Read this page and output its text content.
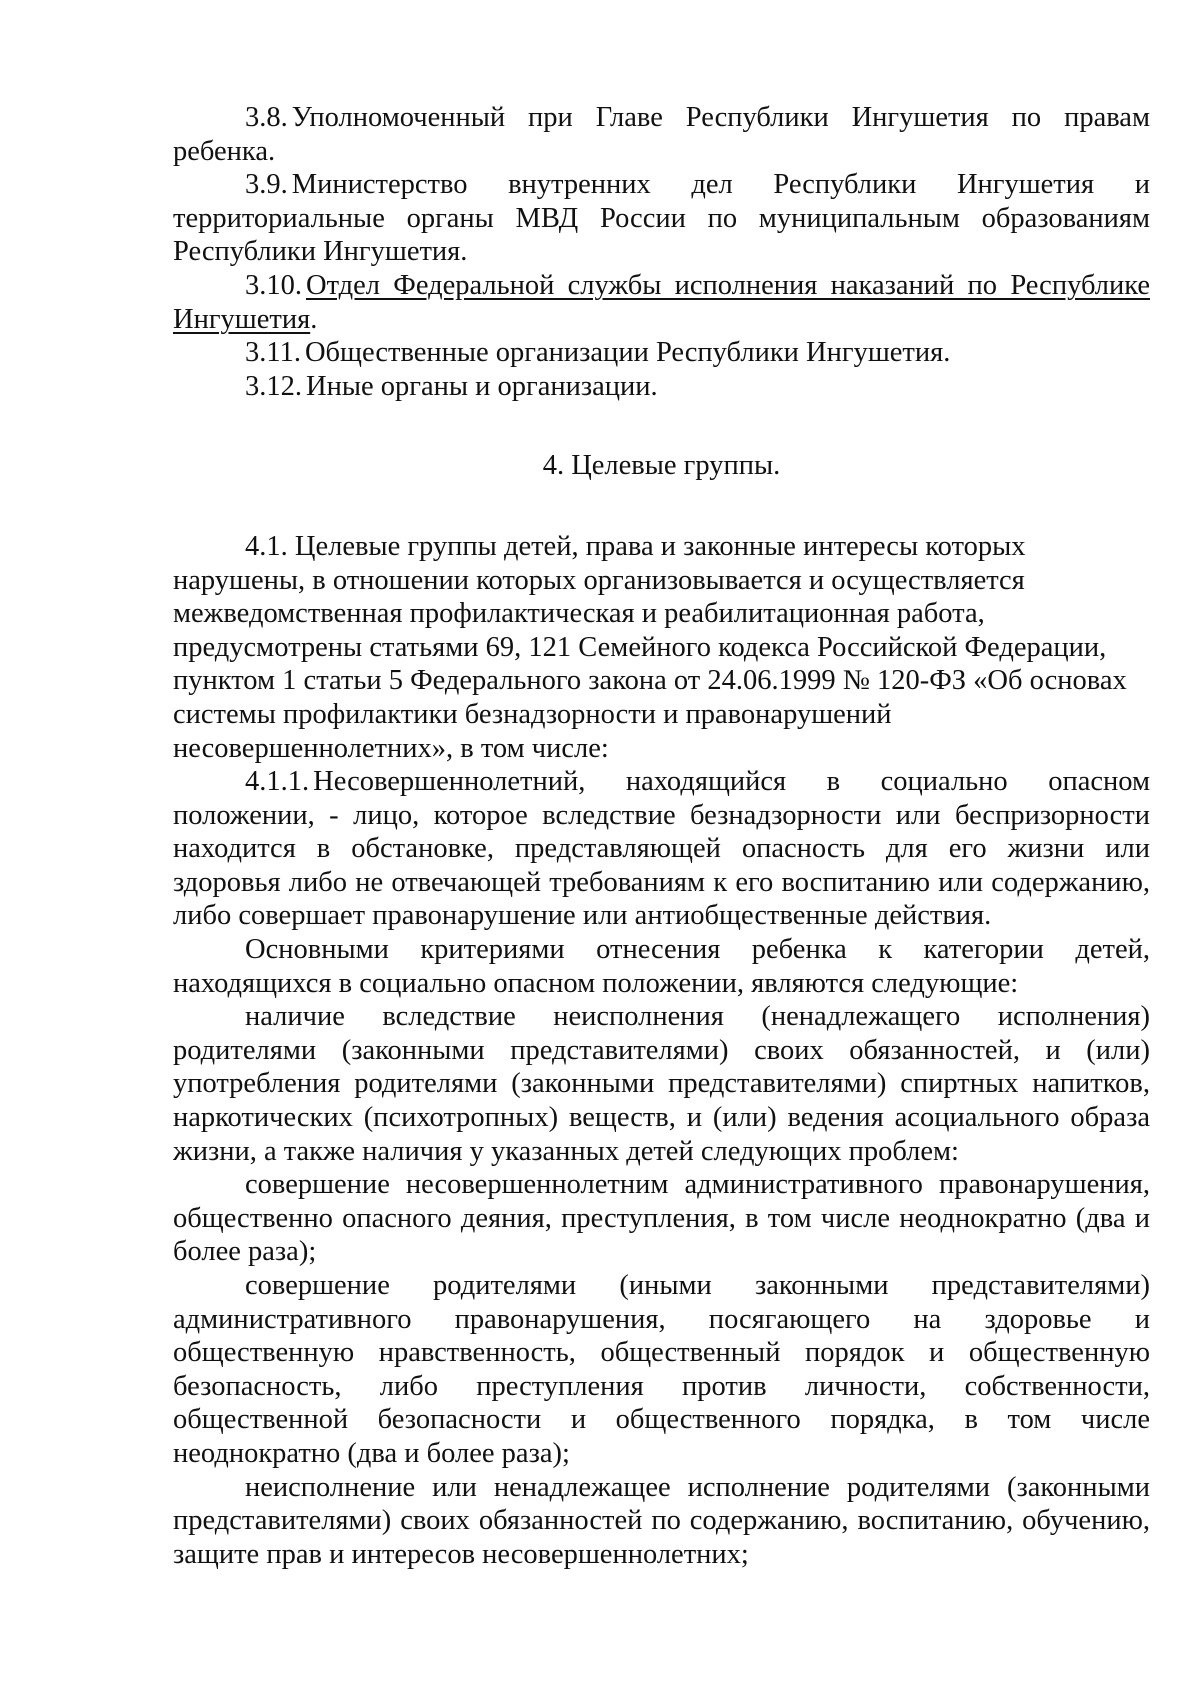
3.8. Уполномоченный при Главе Республики Ингушетия по правам ребенка.

3.9. Министерство внутренних дел Республики Ингушетия и территориальные органы МВД России по муниципальным образованиям Республики Ингушетия.

3.10. Отдел Федеральной службы исполнения наказаний по Республике Ингушетия.

3.11. Общественные организации Республики Ингушетия.

3.12. Иные органы и организации.

4. Целевые группы.

4.1. Целевые группы детей, права и законные интересы которых
нарушены, в отношении которых организовывается и осуществляется
межведомственная профилактическая и реабилитационная работа,
предусмотрены статьями 69, 121 Семейного кодекса Российской Федерации,
пунктом 1 статьи 5 Федерального закона от 24.06.1999 № 120-ФЗ «Об основах
системы профилактики безнадзорности и правонарушений
несовершеннолетних», в том числе:

4.1.1. Несовершеннолетний, находящийся в социально опасном положении, - лицо, которое вследствие безнадзорности или беспризорности находится в обстановке, представляющей опасность для его жизни или здоровья либо не отвечающей требованиям к его воспитанию или содержанию, либо совершает правонарушение или антиобщественные действия.

Основными критериями отнесения ребенка к категории детей, находящихся в социально опасном положении, являются следующие:

наличие вследствие неисполнения (ненадлежащего исполнения) родителями (законными представителями) своих обязанностей, и (или) употребления родителями (законными представителями) спиртных напитков, наркотических (психотропных) веществ, и (или) ведения асоциального образа жизни, а также наличия у указанных детей следующих проблем:

совершение несовершеннолетним административного правонарушения, общественно опасного деяния, преступления, в том числе неоднократно (два и более раза);

совершение родителями (иными законными представителями) административного правонарушения, посягающего на здоровье и общественную нравственность, общественный порядок и общественную безопасность, либо преступления против личности, собственности, общественной безопасности и общественного порядка, в том числе неоднократно (два и более раза);

неисполнение или ненадлежащее исполнение родителями (законными представителями) своих обязанностей по содержанию, воспитанию, обучению, защите прав и интересов несовершеннолетних;
